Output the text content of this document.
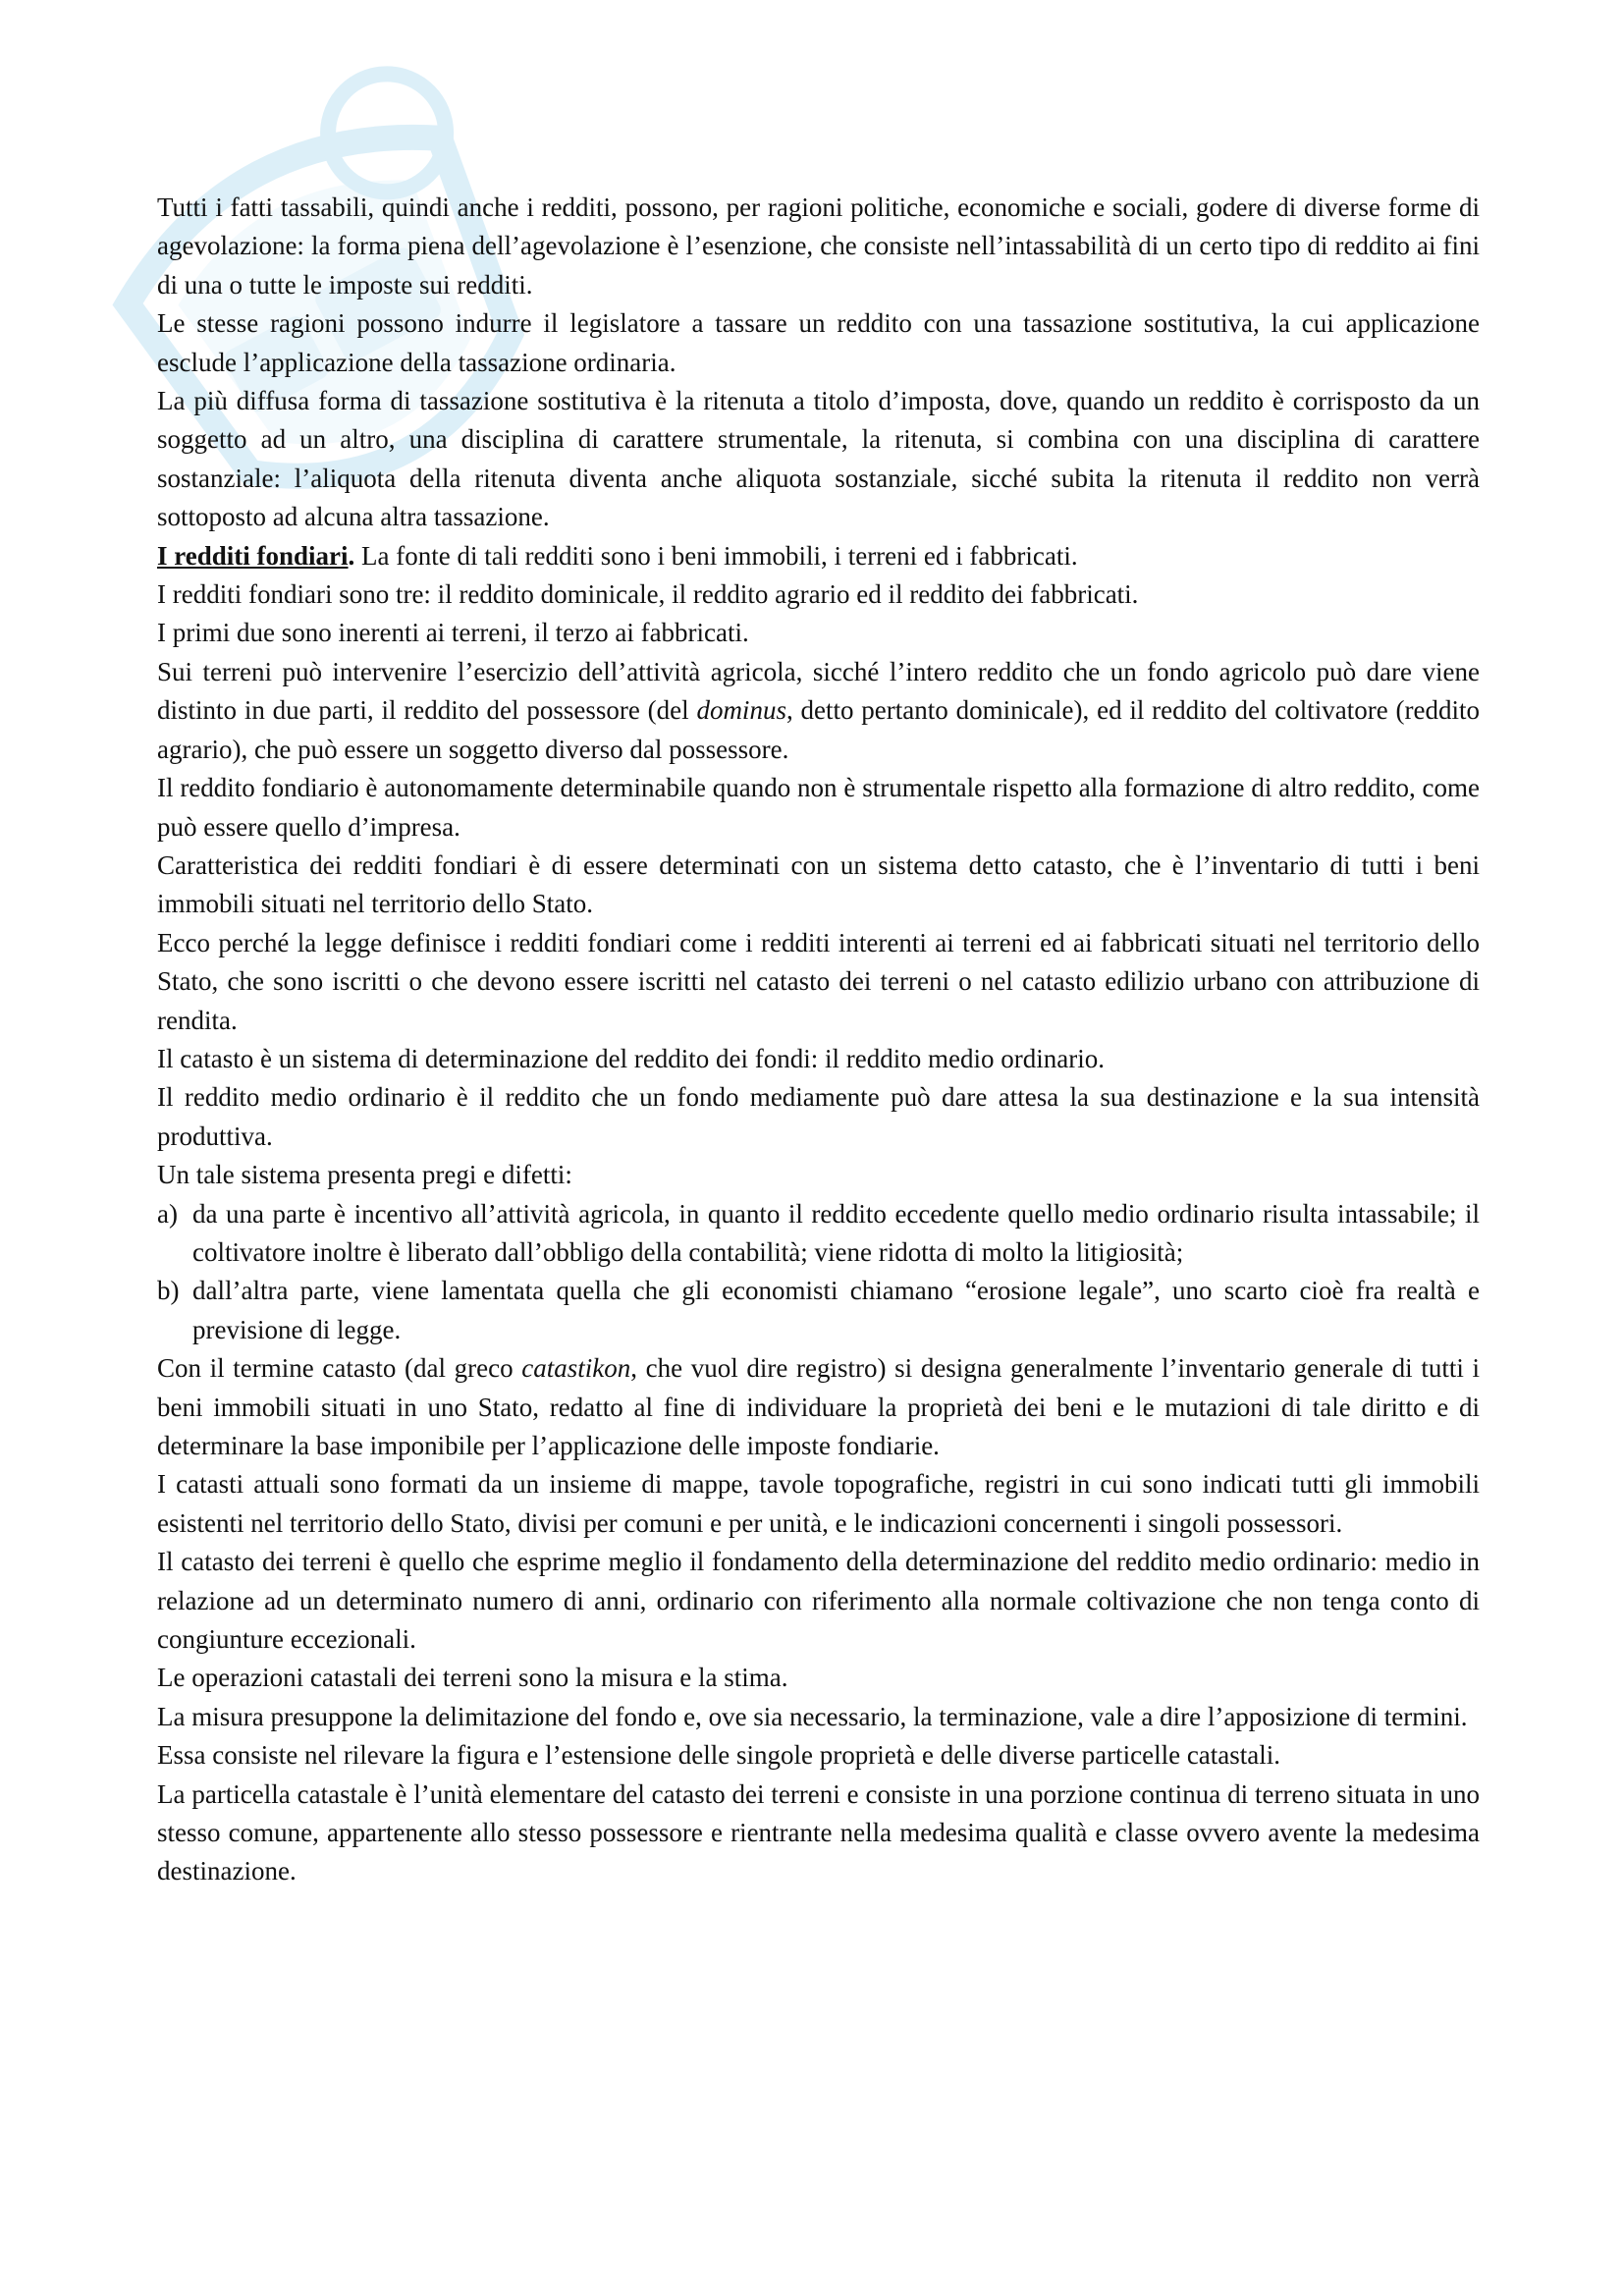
Tutti i fatti tassabili, quindi anche i redditi, possono, per ragioni politiche, economiche e sociali, godere di diverse forme di agevolazione: la forma piena dell’agevolazione è l’esenzione, che consiste nell’intassabilità di un certo tipo di reddito ai fini di una o tutte le imposte sui redditi.

Le stesse ragioni possono indurre il legislatore a tassare un reddito con una tassazione sostitutiva, la cui applicazione esclude l’applicazione della tassazione ordinaria.

La più diffusa forma di tassazione sostitutiva è la ritenuta a titolo d’imposta, dove, quando un reddito è corrisposto da un soggetto ad un altro, una disciplina di carattere strumentale, la ritenuta, si combina con una disciplina di carattere sostanziale: l’aliquota della ritenuta diventa anche aliquota sostanziale, sicché subita la ritenuta il reddito non verrà sottoposto ad alcuna altra tassazione.

I redditi fondiari. La fonte di tali redditi sono i beni immobili, i terreni ed i fabbricati.

I redditi fondiari sono tre: il reddito dominicale, il reddito agrario ed il reddito dei fabbricati.

I primi due sono inerenti ai terreni, il terzo ai fabbricati.

Sui terreni può intervenire l’esercizio dell’attività agricola, sicché l’intero reddito che un fondo agricolo può dare viene distinto in due parti, il reddito del possessore (del dominus, detto pertanto dominicale), ed il reddito del coltivatore (reddito agrario), che può essere un soggetto diverso dal possessore.

Il reddito fondiario è autonomamente determinabile quando non è strumentale rispetto alla formazione di altro reddito, come può essere quello d’impresa.

Caratteristica dei redditi fondiari è di essere determinati con un sistema detto catasto, che è l’inventario di tutti i beni immobili situati nel territorio dello Stato.

Ecco perché la legge definisce i redditi fondiari come i redditi interenti ai terreni ed ai fabbricati situati nel territorio dello Stato, che sono iscritti o che devono essere iscritti nel catasto dei terreni o nel catasto edilizio urbano con attribuzione di rendita.

Il catasto è un sistema di determinazione del reddito dei fondi: il reddito medio ordinario.

Il reddito medio ordinario è il reddito che un fondo mediamente può dare attesa la sua destinazione e la sua intensità produttiva.

Un tale sistema presenta pregi e difetti:

a) da una parte è incentivo all’attività agricola, in quanto il reddito eccedente quello medio ordinario risulta intassabile; il coltivatore inoltre è liberato dall’obbligo della contabilità; viene ridotta di molto la litigiosità;

b) dall’altra parte, viene lamentata quella che gli economisti chiamano “erosione legale”, uno scarto cioè fra realtà e previsione di legge.

Con il termine catasto (dal greco catastikon, che vuol dire registro) si designa generalmente l’inventario generale di tutti i beni immobili situati in uno Stato, redatto al fine di individuare la proprietà dei beni e le mutazioni di tale diritto e di determinare la base imponibile per l’applicazione delle imposte fondiarie.

I catasti attuali sono formati da un insieme di mappe, tavole topografiche, registri in cui sono indicati tutti gli immobili esistenti nel territorio dello Stato, divisi per comuni e per unità, e le indicazioni concernenti i singoli possessori.

Il catasto dei terreni è quello che esprime meglio il fondamento della determinazione del reddito medio ordinario: medio in relazione ad un determinato numero di anni, ordinario con riferimento alla normale coltivazione che non tenga conto di congiunture eccezionali.

Le operazioni catastali dei terreni sono la misura e la stima.

La misura presuppone la delimitazione del fondo e, ove sia necessario, la terminazione, vale a dire l’apposizione di termini.

Essa consiste nel rilevare la figura e l’estensione delle singole proprietà e delle diverse particelle catastali.

La particella catastale è l’unità elementare del catasto dei terreni e consiste in una porzione continua di terreno situata in uno stesso comune, appartenente allo stesso possessore e rientrante nella medesima qualità e classe ovvero avente la medesima destinazione.
